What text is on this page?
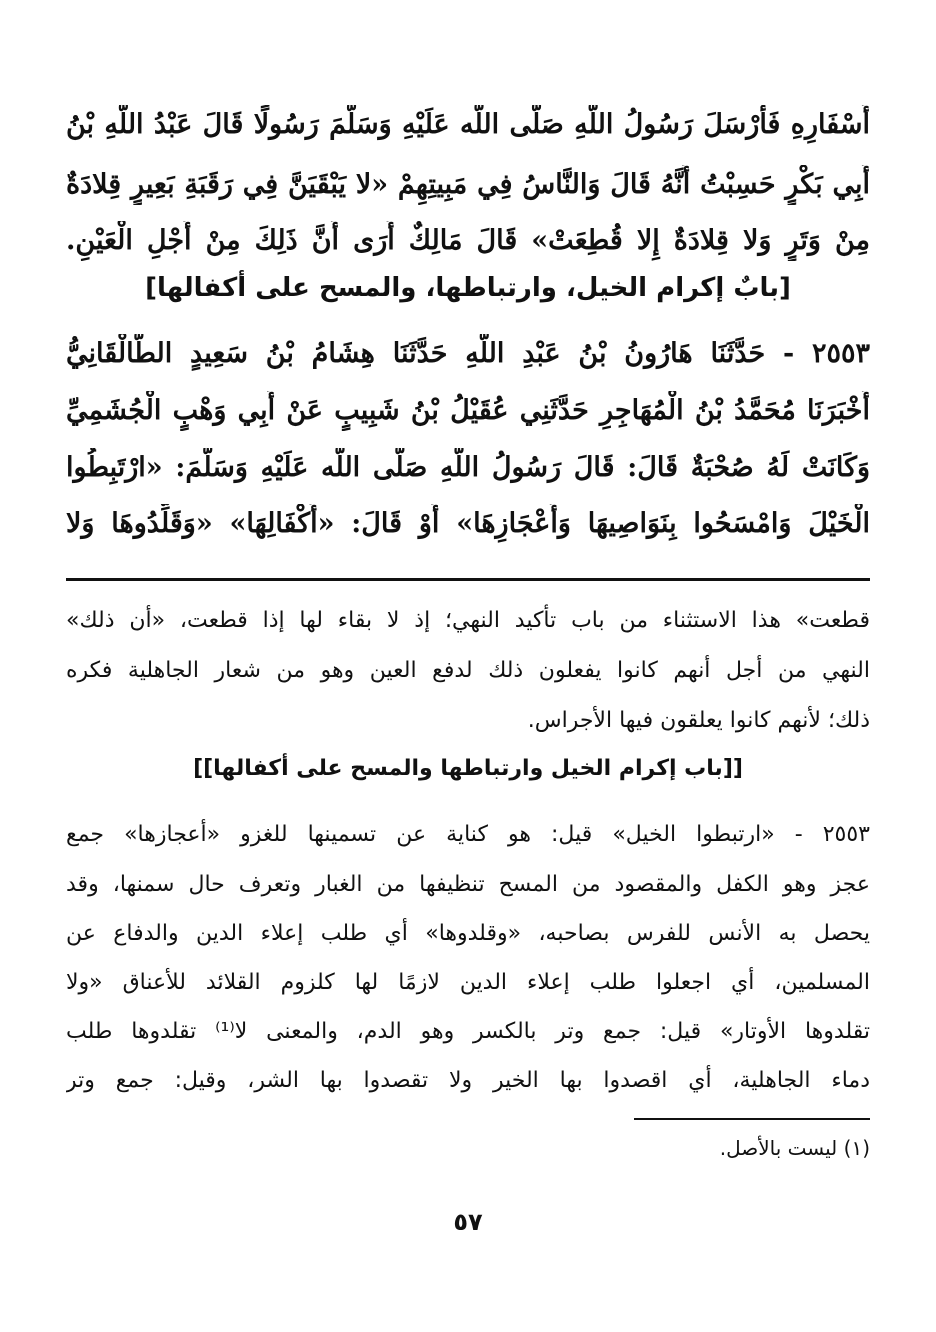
أَسْفَارِهِ فَأَرْسَلَ رَسُولُ اللَّهِ صَلَّى اللَّه عَلَيْهِ وَسَلَّمَ رَسُولًا قَالَ عَبْدُ اللَّهِ بْنُ
أَبِي بَكْرٍ حَسِبْتُ أَنَّهُ قَالَ وَالنَّاسُ فِي مَبِيتِهِمْ «لا يَبْقَيَنَّ فِي رَقَبَةِ بَعِيرٍ قِلادَةٌ
مِنْ وَتَرٍ وَلا قِلادَةٌ إِلا قُطِعَتْ» قَالَ مَالِكٌ أَرَى أَنَّ ذَلِكَ مِنْ أَجْلِ الْعَيْنِ.
[بابٌ إكرام الخيل، وارتباطها، والمسح على أكفالها]
٢٥٥٣ - حَدَّثَنَا هَارُونُ بْنُ عَبْدِ اللَّهِ حَدَّثَنَا هِشَامُ بْنُ سَعِيدٍ الطَّالْقَانِيُّ
أَخْبَرَنَا مُحَمَّدُ بْنُ الْمُهَاجِرِ حَدَّثَنِي عُقَيْلُ بْنُ شَبِيبٍ عَنْ أَبِي وَهْبٍ الْجُشَمِيِّ
وَكَانَتْ لَهُ صُحْبَةٌ قَالَ: قَالَ رَسُولُ اللَّهِ صَلَّى اللَّه عَلَيْهِ وَسَلَّمَ: «ارْتَبِطُوا
الْخَيْلَ وَامْسَحُوا بِنَوَاصِيهَا وَأَعْجَازِهَا» أَوْ قَالَ: «أَكْفَالِهَا» «وَقَلِّدُوهَا وَلا
قطعت» هذا الاستثناء من باب تأكيد النهي؛ إذ لا بقاء لها إذا قطعت، «أن ذلك»
النهي من أجل أنهم كانوا يفعلون ذلك لدفع العين وهو من شعار الجاهلية فكره
ذلك؛ لأنهم كانوا يعلقون فيها الأجراس.
[[باب إكرام الخيل وارتباطها والمسح على أكفالها]]
٢٥٥٣ - «ارتبطوا الخيل» قيل: هو كناية عن تسمينها للغزو «أعجازها» جمع
عجز وهو الكفل والمقصود من المسح تنظيفها من الغبار وتعرف حال سمنها، وقد
يحصل به الأنس للفرس بصاحبه، «وقلدوها» أي طلب إعلاء الدين والدفاع عن
المسلمين، أي اجعلوا طلب إعلاء الدين لازمًا لها كلزوم القلائد للأعناق «ولا
تقلدوها الأوتار» قيل: جمع وتر بالكسر وهو الدم، والمعنى لا⁽¹⁾ تقلدوها طلب
دماء الجاهلية، أي اقصدوا بها الخير ولا تقصدوا بها الشر، وقيل: جمع وتر
(١) ليست بالأصل.
٥٧
